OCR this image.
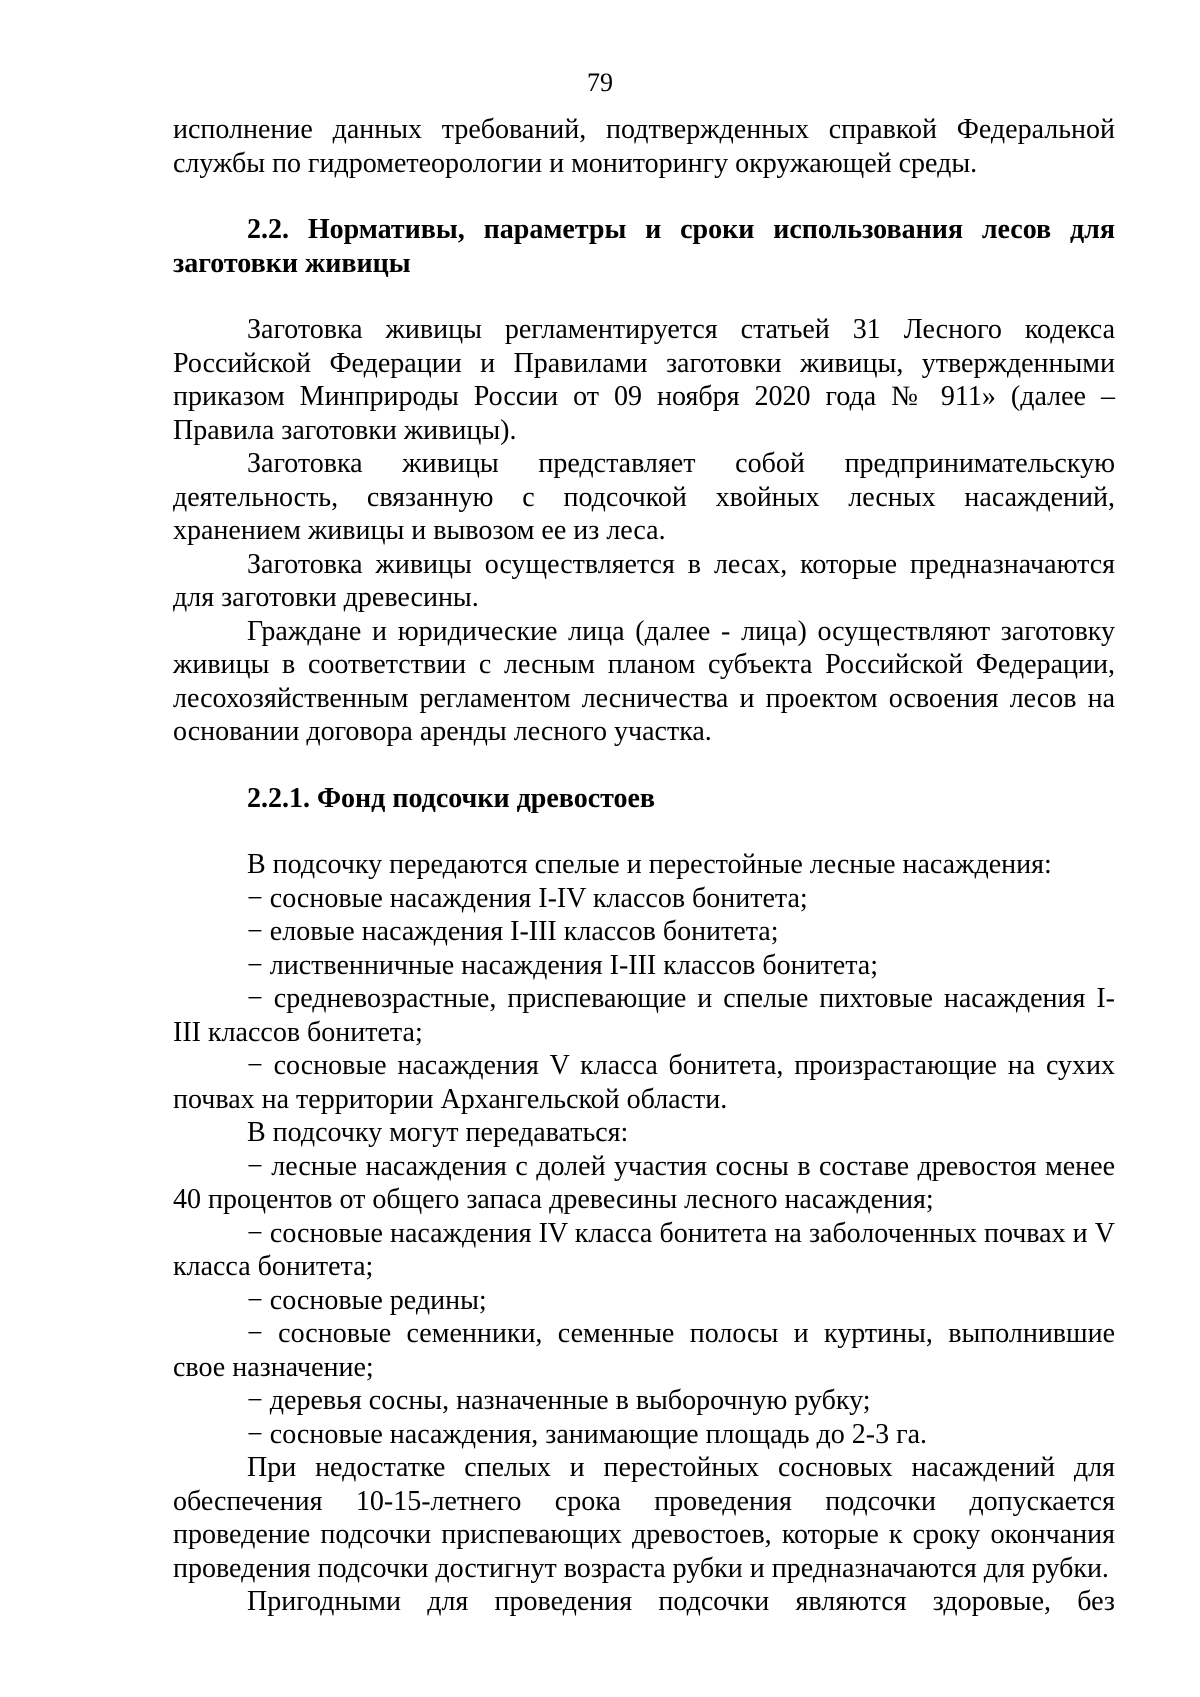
79

исполнение данных требований, подтвержденных справкой Федеральной службы по гидрометеорологии и мониторингу окружающей среды.

2.2. Нормативы, параметры и сроки использования лесов для заготовки живицы

Заготовка живицы регламентируется статьей 31 Лесного кодекса Российской Федерации и Правилами заготовки живицы, утвержденными приказом Минприроды России от 09 ноября 2020 года № 911» (далее – Правила заготовки живицы).

Заготовка живицы представляет собой предпринимательскую деятельность, связанную с подсочкой хвойных лесных насаждений, хранением живицы и вывозом ее из леса.

Заготовка живицы осуществляется в лесах, которые предназначаются для заготовки древесины.

Граждане и юридические лица (далее - лица) осуществляют заготовку живицы в соответствии с лесным планом субъекта Российской Федерации, лесохозяйственным регламентом лесничества и проектом освоения лесов на основании договора аренды лесного участка.

2.2.1. Фонд подсочки древостоев

В подсочку передаются спелые и перестойные лесные насаждения:

− сосновые насаждения I-IV классов бонитета;

− еловые насаждения I-III классов бонитета;

− лиственничные насаждения I-III классов бонитета;

− средневозрастные, приспевающие и спелые пихтовые насаждения I-III классов бонитета;

− сосновые насаждения V класса бонитета, произрастающие на сухих почвах на территории Архангельской области.

В подсочку могут передаваться:

− лесные насаждения с долей участия сосны в составе древостоя менее 40 процентов от общего запаса древесины лесного насаждения;

− сосновые насаждения IV класса бонитета на заболоченных почвах и V класса бонитета;

− сосновые редины;

− сосновые семенники, семенные полосы и куртины, выполнившие свое назначение;

− деревья сосны, назначенные в выборочную рубку;

− сосновые насаждения, занимающие площадь до 2-3 га.

При недостатке спелых и перестойных сосновых насаждений для обеспечения 10-15-летнего срока проведения подсочки допускается проведение подсочки приспевающих древостоев, которые к сроку окончания проведения подсочки достигнут возраста рубки и предназначаются для рубки.

Пригодными для проведения подсочки являются здоровые, без
